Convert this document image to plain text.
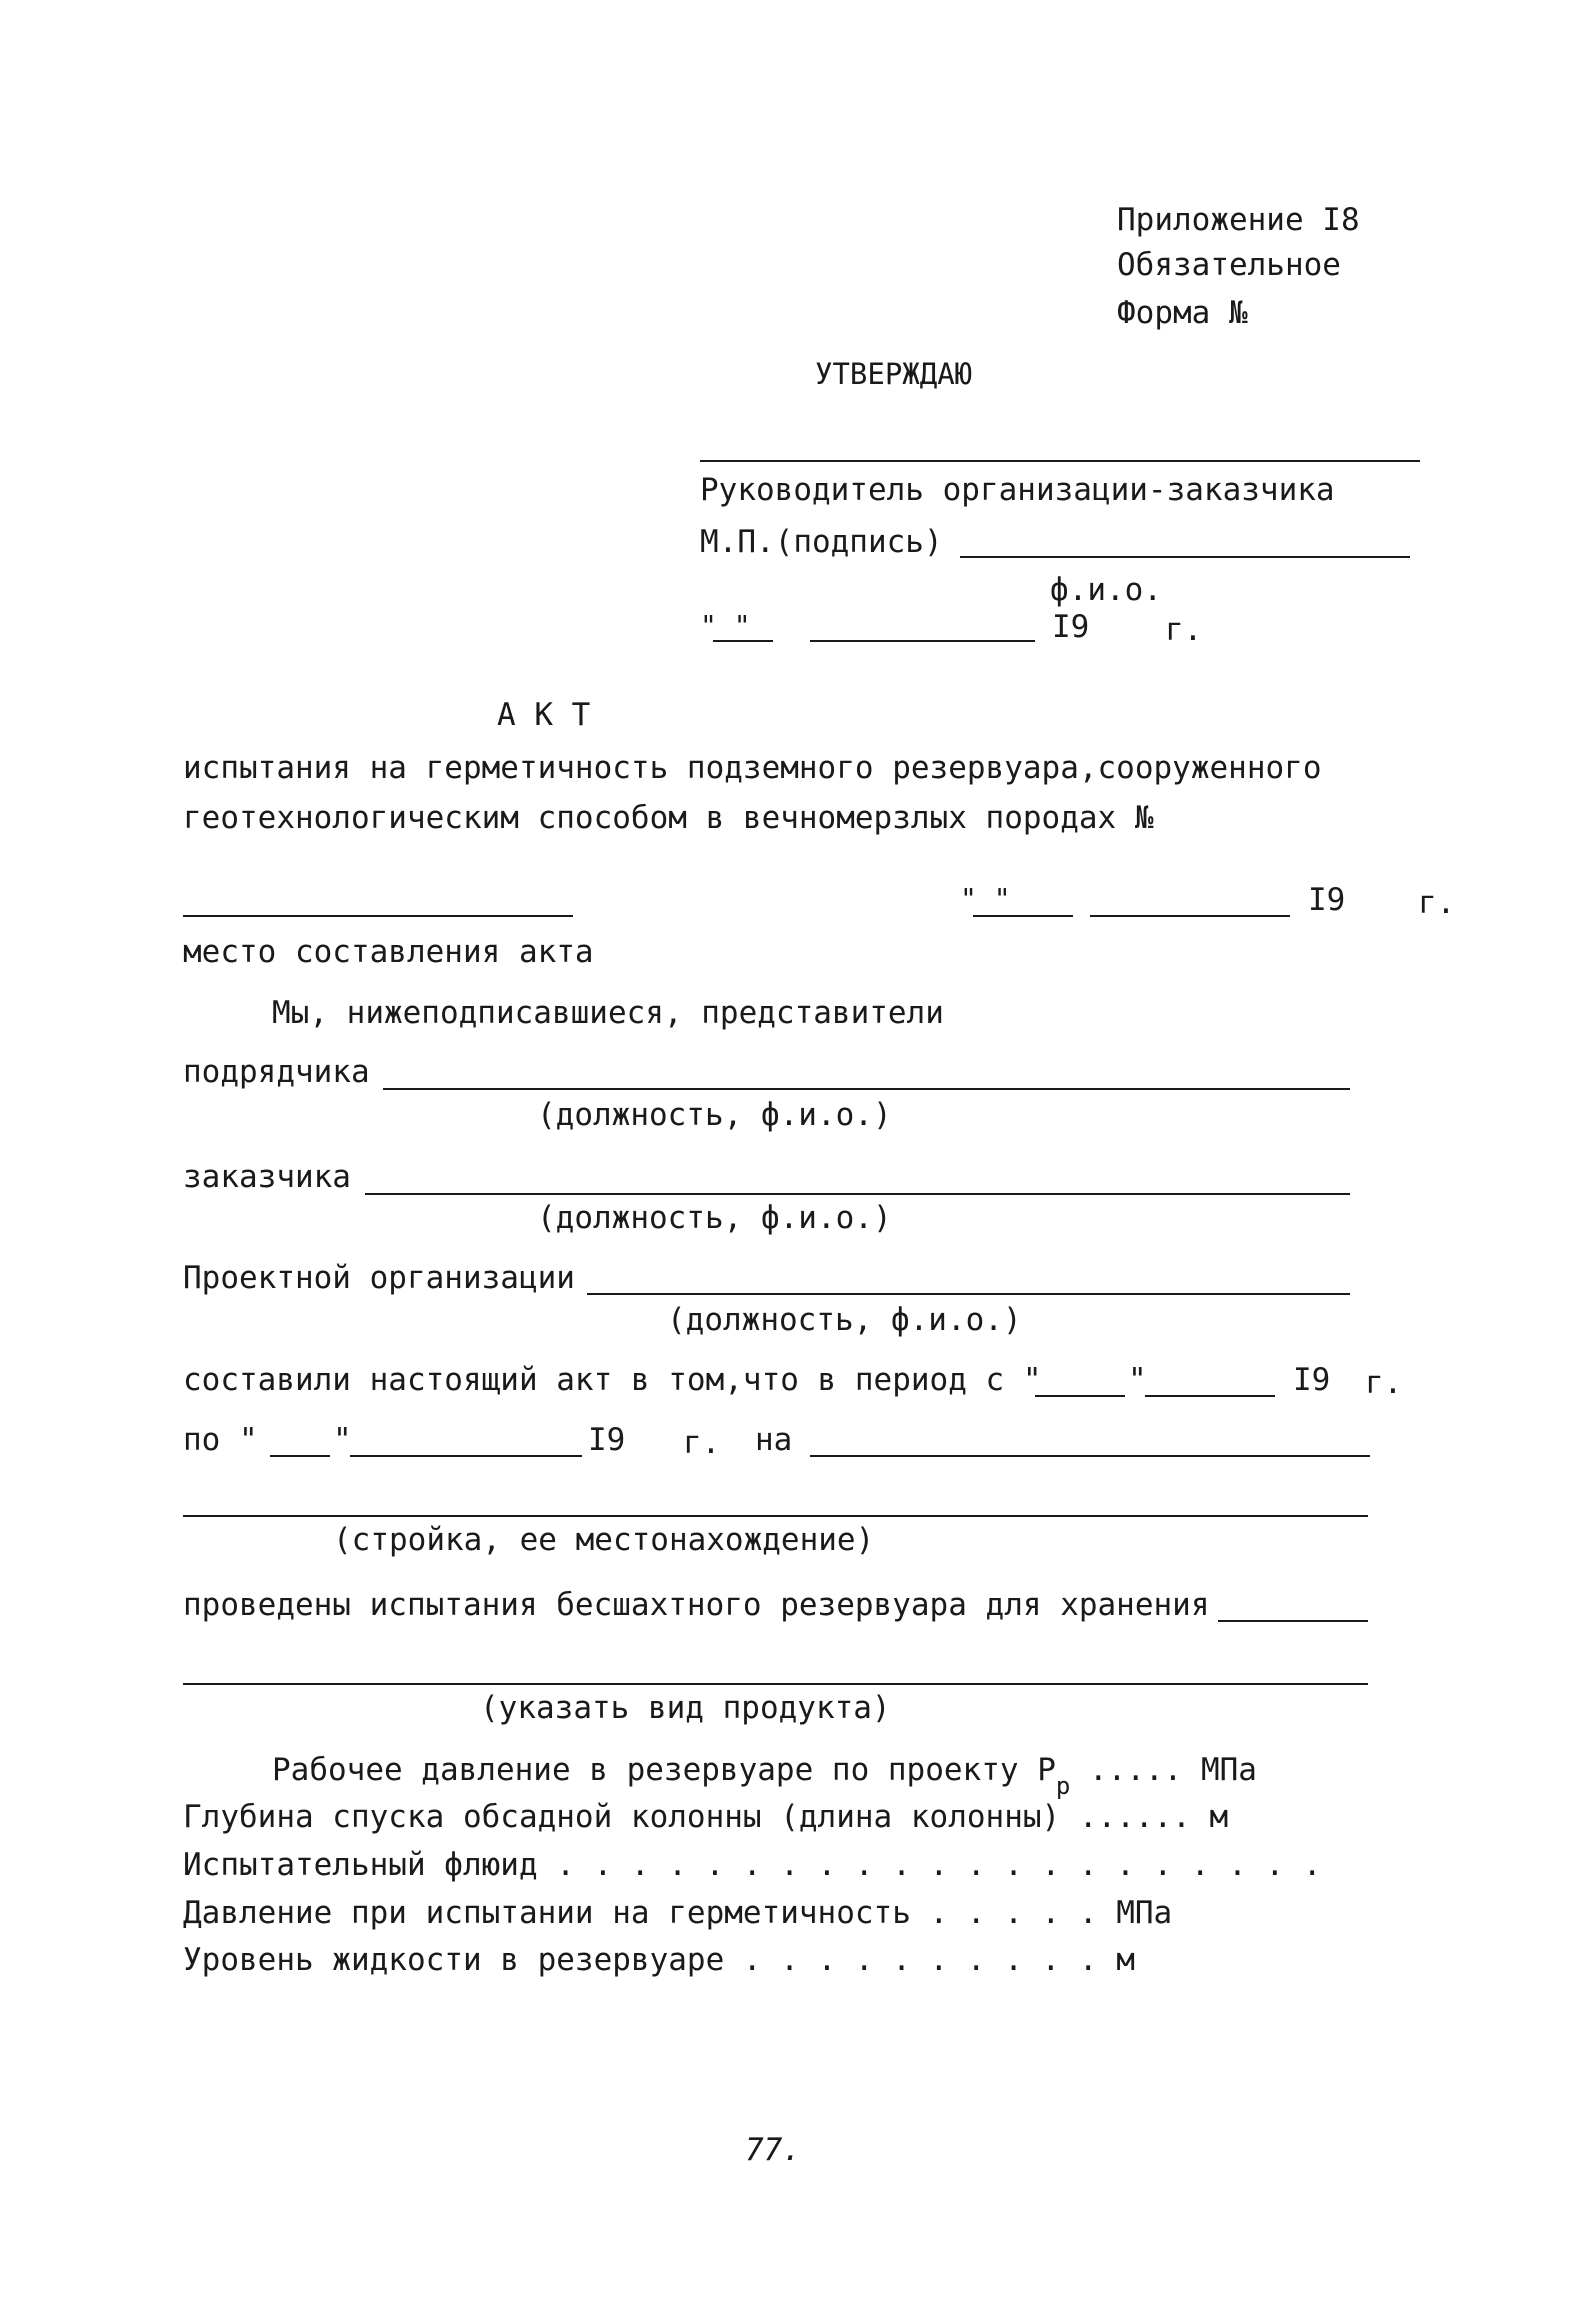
Приложение I8
Обязательное
Форма №
УТВЕРЖДАЮ
Руководитель организации-заказчика
М.П.(подпись)
ф.и.о.
" "	I9 г.
А К Т
испытания на герметичность подземного резервуара,сооруженного
геотехнологическим способом в вечномерзлых породах №
" "	I9 г.
место составления акта
Мы, нижеподписавшиеся, представители
подрядчика
(должность, ф.и.о.)
заказчика
(должность, ф.и.о.)
Проектной организации
(должность, ф.и.о.)
составили настоящий акт в том,что в период с "	"	I9 г.
по " "	I9 г. на
(стройка, ее местонахождение)
проведены испытания бесшахтного резервуара для хранения
(указать вид продукта)
Рабочее давление в резервуаре по проекту $P_р$ ..... МПа
Глубина спуска обсадной колонны (длина колонны) ...... м
Испытательный флюид . . . . . . . . . . . . . . . . . . . . .
Давление при испытании на герметичность . . . . . МПа
Уровень жидкости в резервуаре . . . . . . . . . . м
77.
